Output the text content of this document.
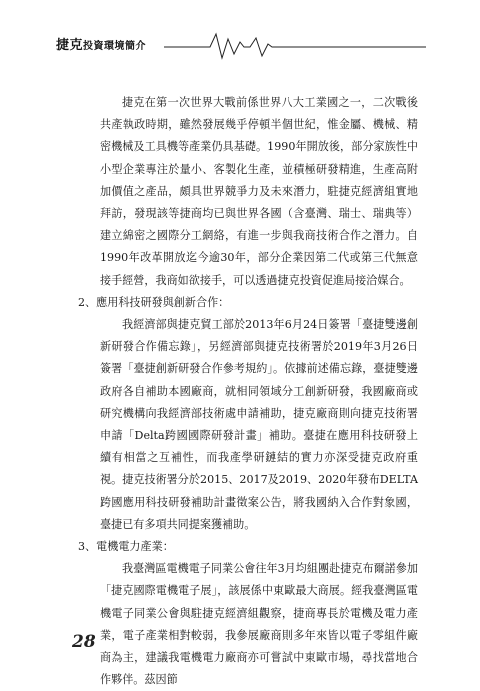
捷克投資環境簡介

捷克在第一次世界大戰前係世界八大工業國之一，二次戰後共產執政時期，雖然發展幾乎停頓半個世紀，惟金屬、機械、精密機械及工具機等產業仍具基礎。1990年開放後，部分家族性中小型企業專注於量小、客製化生產，並積極研發精進，生產高附加價值之產品，頗具世界競爭力及未來潛力，駐捷克經濟組實地拜訪，發現該等捷商均已與世界各國（含臺灣、瑞士、瑞典等）建立綿密之國際分工網絡，有進一步與我商技術合作之潛力。自1990年改革開放迄今逾30年，部分企業因第二代或第三代無意接手經營，我商如欲接手，可以透過捷克投資促進局接洽媒合。

2、應用科技研發與創新合作：

我經濟部與捷克貿工部於2013年6月24日簽署「臺捷雙邊創新研發合作備忘錄」，另經濟部與捷克技術署於2019年3月26日簽署「臺捷創新研發合作參考規約」。依據前述備忘錄，臺捷雙邊政府各自補助本國廠商，就相同領域分工創新研發，我國廠商或研究機構向我經濟部技術處申請補助，捷克廠商則向捷克技術署申請「Delta跨國國際研發計畫」補助。臺捷在應用科技研發上續有相當之互補性，而我產學研鏈結的實力亦深受捷克政府重視。捷克技術署分於2015、2017及2019、2020年發布DELTA跨國應用科技研發補助計畫徵案公告，將我國納入合作對象國，臺捷已有多項共同提案獲補助。

3、電機電力產業：

我臺灣區電機電子同業公會往年3月均組團赴捷克布爾諾參加「捷克國際電機電子展」，該展係中東歐最大商展。經我臺灣區電機電子同業公會與駐捷克經濟組觀察，捷商專長於電機及電力產業，電子產業相對較弱，我參展廠商則多年來皆以電子零組件廠商為主，建議我電機電力廠商亦可嘗試中東歐市場，尋找當地合作夥伴。茲因節

28
